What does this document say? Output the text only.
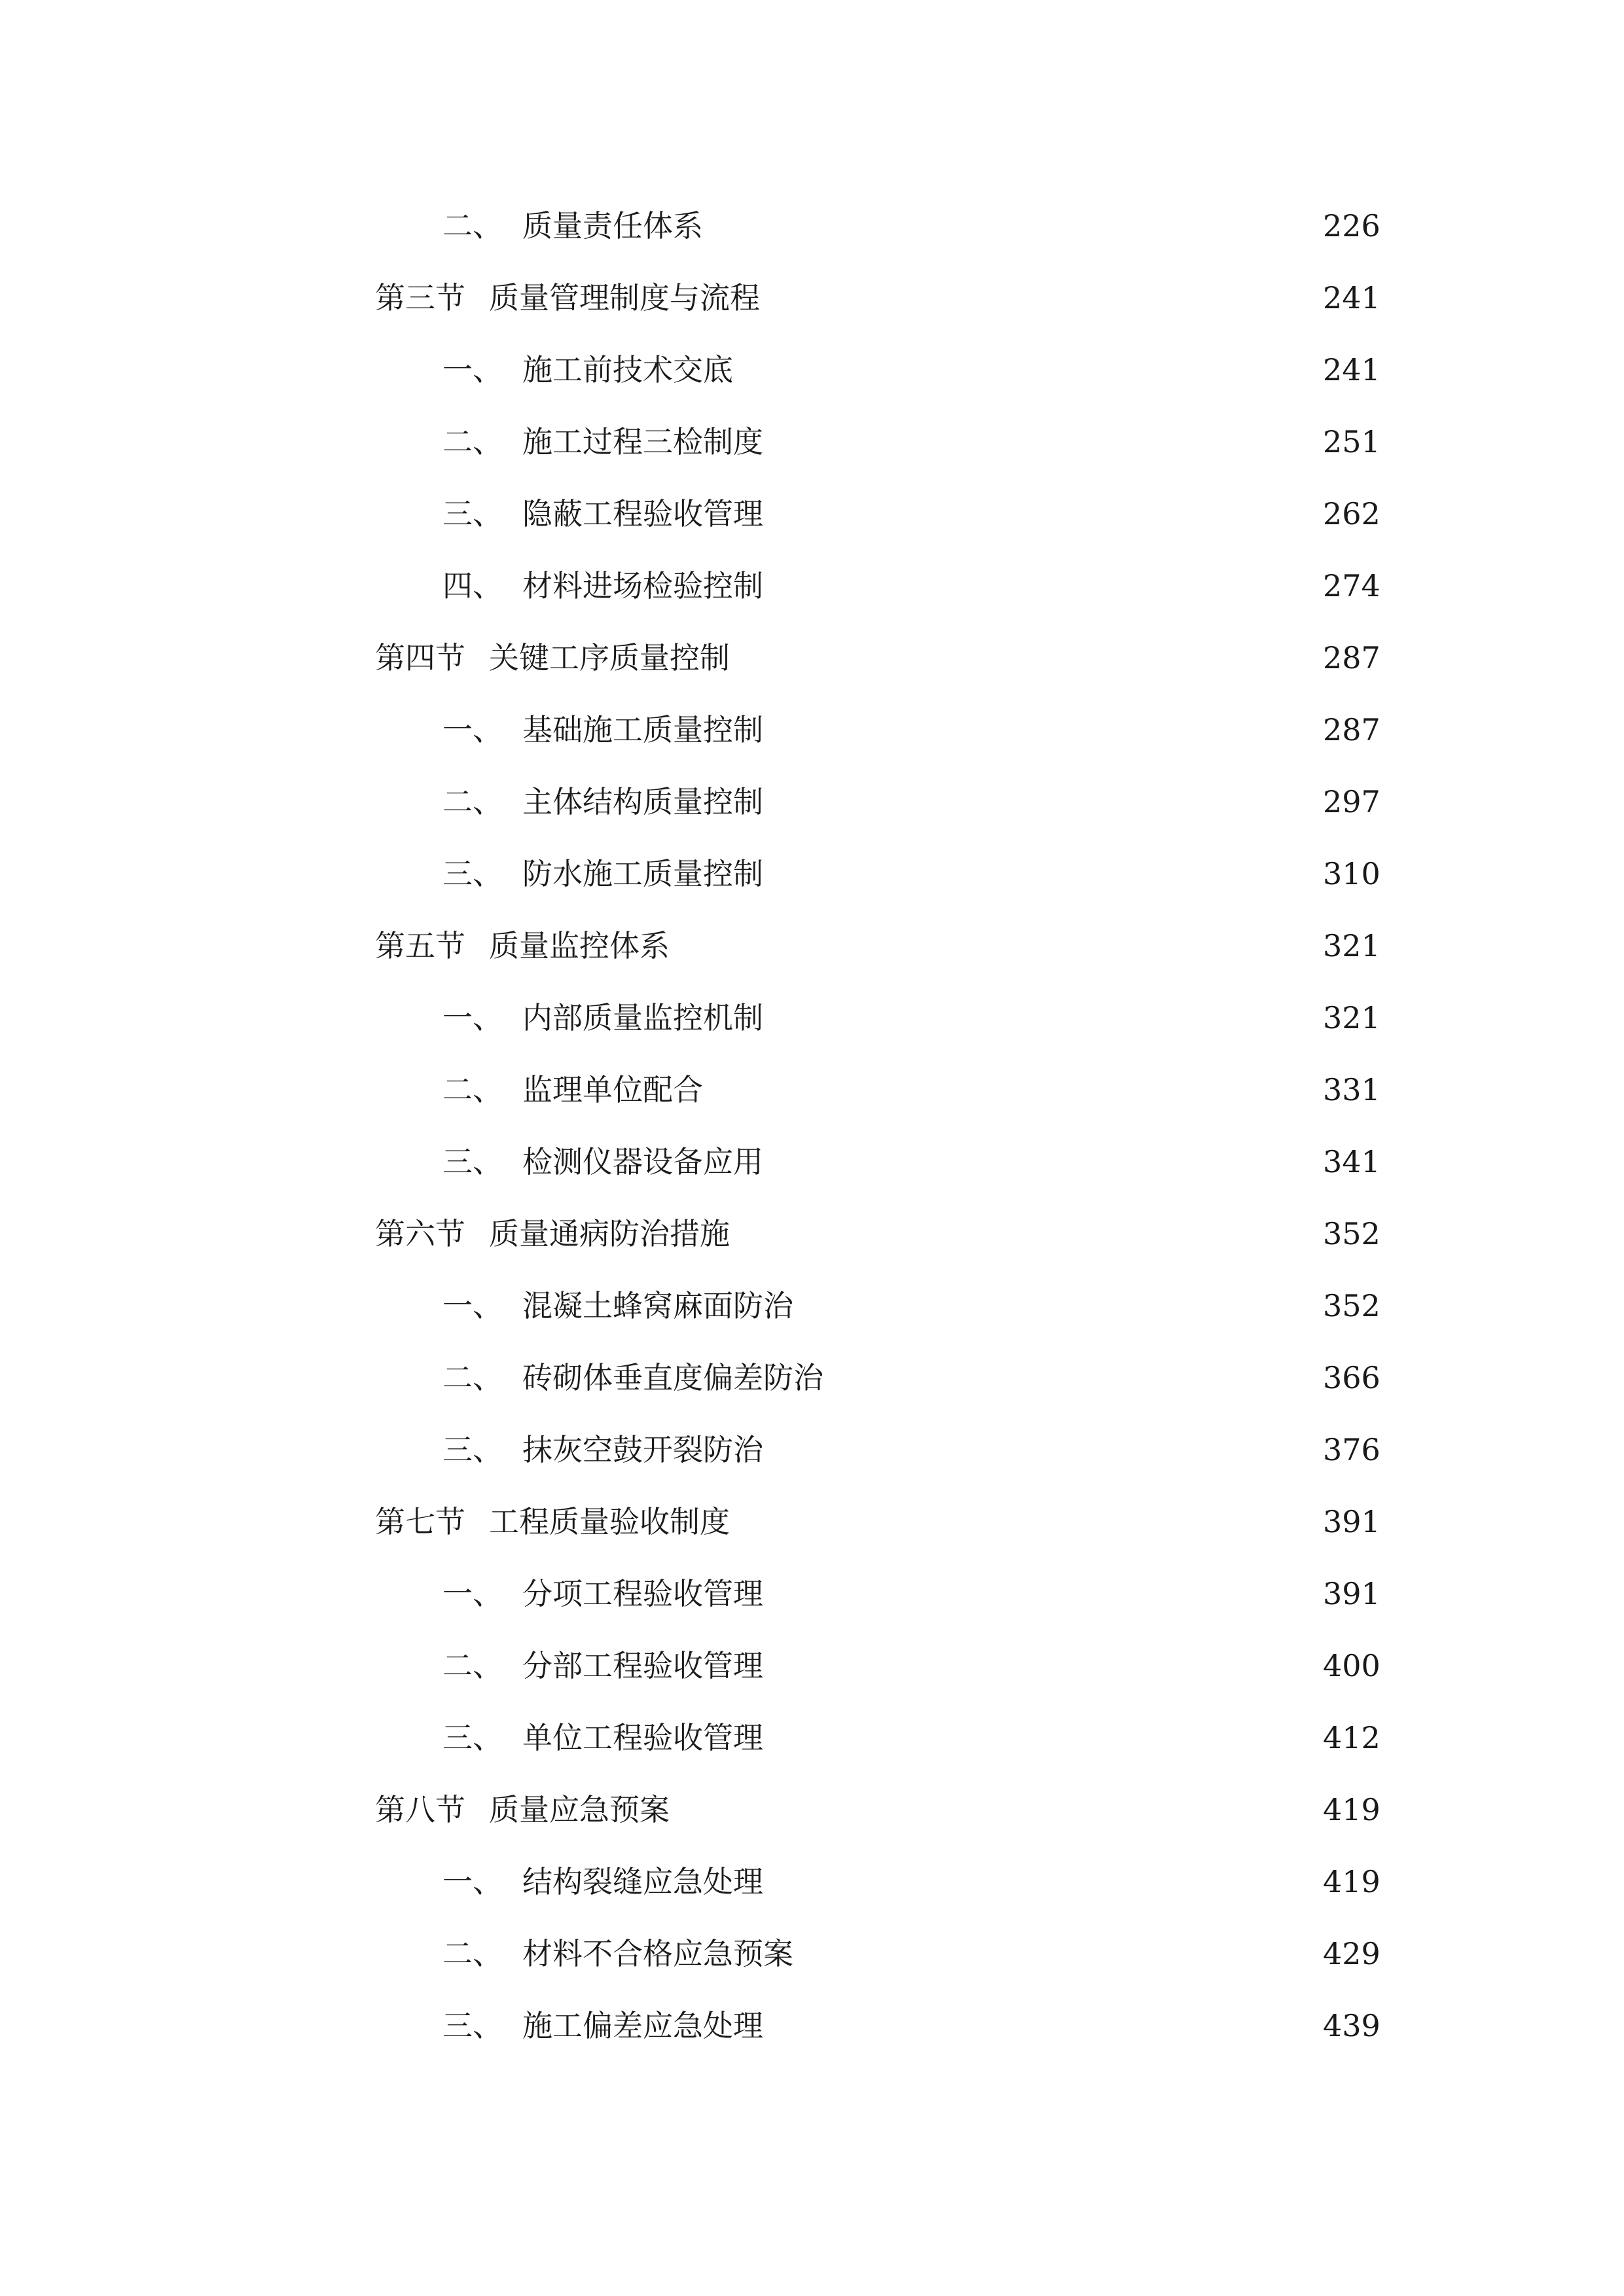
二、 质量责任体系	226
第三节 质量管理制度与流程	241
一、 施工前技术交底	241
二、 施工过程三检制度	251
三、 隐蔽工程验收管理	262
四、 材料进场检验控制	274
第四节 关键工序质量控制	287
一、 基础施工质量控制	287
二、 主体结构质量控制	297
三、 防水施工质量控制	310
第五节 质量监控体系	321
一、 内部质量监控机制	321
二、 监理单位配合	331
三、 检测仪器设备应用	341
第六节 质量通病防治措施	352
一、 混凝土蜂窝麻面防治	352
二、 砖砌体垂直度偏差防治	366
三、 抹灰空鼓开裂防治	376
第七节 工程质量验收制度	391
一、 分项工程验收管理	391
二、 分部工程验收管理	400
三、 单位工程验收管理	412
第八节 质量应急预案	419
一、 结构裂缝应急处理	419
二、 材料不合格应急预案	429
三、 施工偏差应急处理	439
